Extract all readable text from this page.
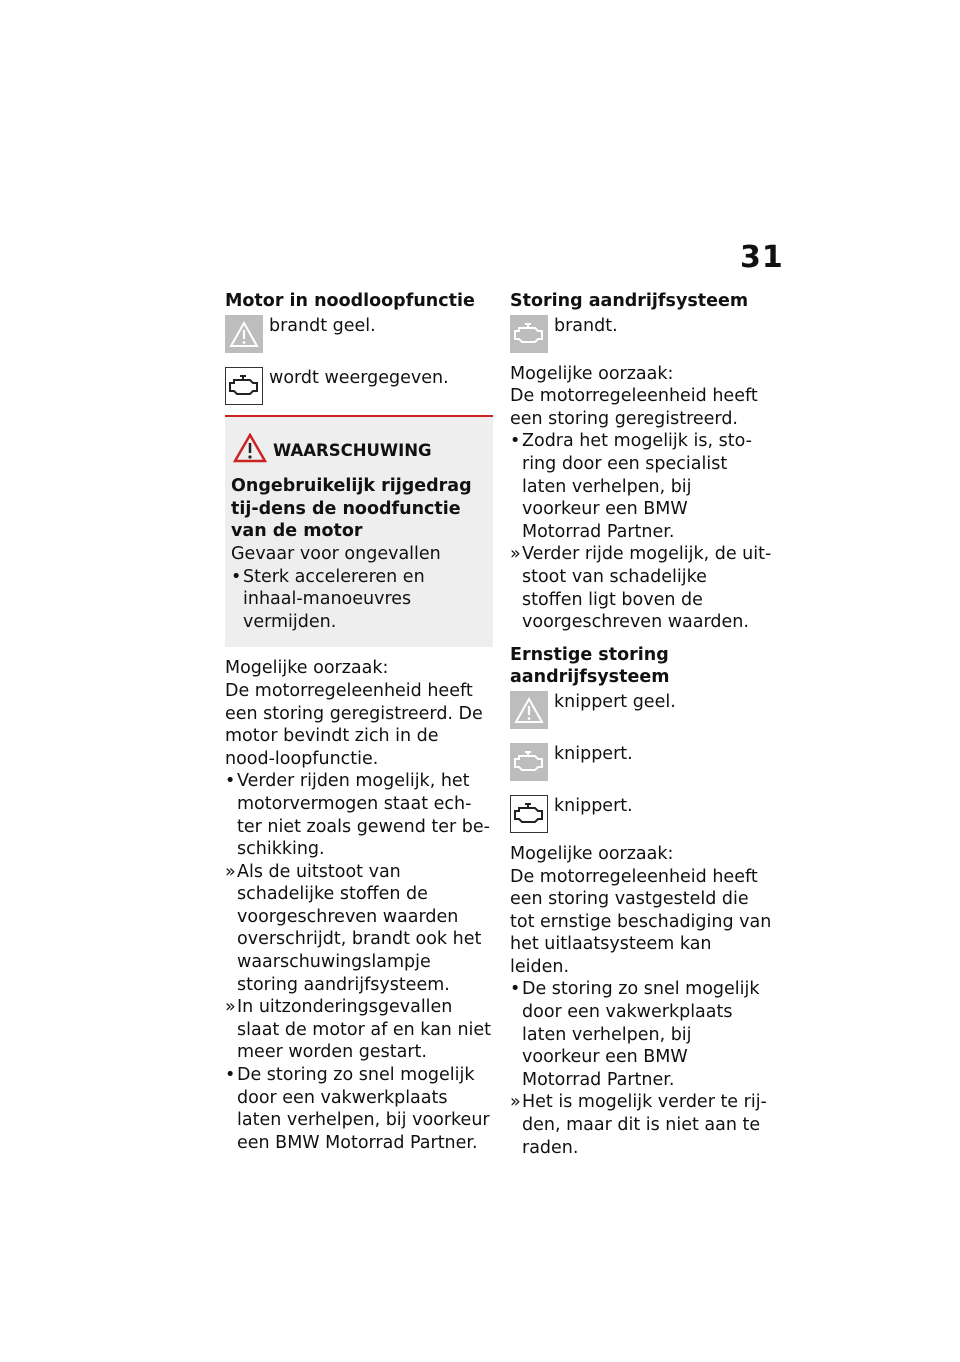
31
Motor in noodloopfunctie
brandt geel.
wordt weergegeven.
WAARSCHUWING

Ongebruikelijk rijgedrag tij-dens de noodfunctie van de motor

Gevaar voor ongevallen

• Sterk accelereren en inhaal-manoeuvres vermijden.

Mogelijke oorzaak:

De motorregeleenheid heeft een storing geregistreerd. De motor bevindt zich in de nood-loopfunctie.

• Verder rijden mogelijk, het motorvermogen staat ech-ter niet zoals gewend ter be-schikking.
» Als de uitstoot van schadelijke stoffen de voorgeschreven waarden overschrijdt, brandt ook het waarschuwingslampje storing aandrijfsysteem.
» In uitzonderingsgevallen slaat de motor af en kan niet meer worden gestart.
• De storing zo snel mogelijk door een vakwerkplaats laten verhelpen, bij voorkeur een BMW Motorrad Partner.
Storing aandrijfsysteem
brandt.

Mogelijke oorzaak:

De motorregeleenheid heeft een storing geregistreerd.

• Zodra het mogelijk is, sto-ring door een specialist laten verhelpen, bij voorkeur een BMW Motorrad Partner.
» Verder rijde mogelijk, de uit-stoot van schadelijke stoffen ligt boven de voorgeschreven waarden.
Ernstige storing aandrijfsysteem
knippert geel.
knippert.
knippert.

Mogelijke oorzaak:

De motorregeleenheid heeft een storing vastgesteld die tot ernstige beschadiging van het uitlaatsysteem kan leiden.

• De storing zo snel mogelijk door een vakwerkplaats laten verhelpen, bij voorkeur een BMW Motorrad Partner.
» Het is mogelijk verder te rij-den, maar dit is niet aan te raden.
